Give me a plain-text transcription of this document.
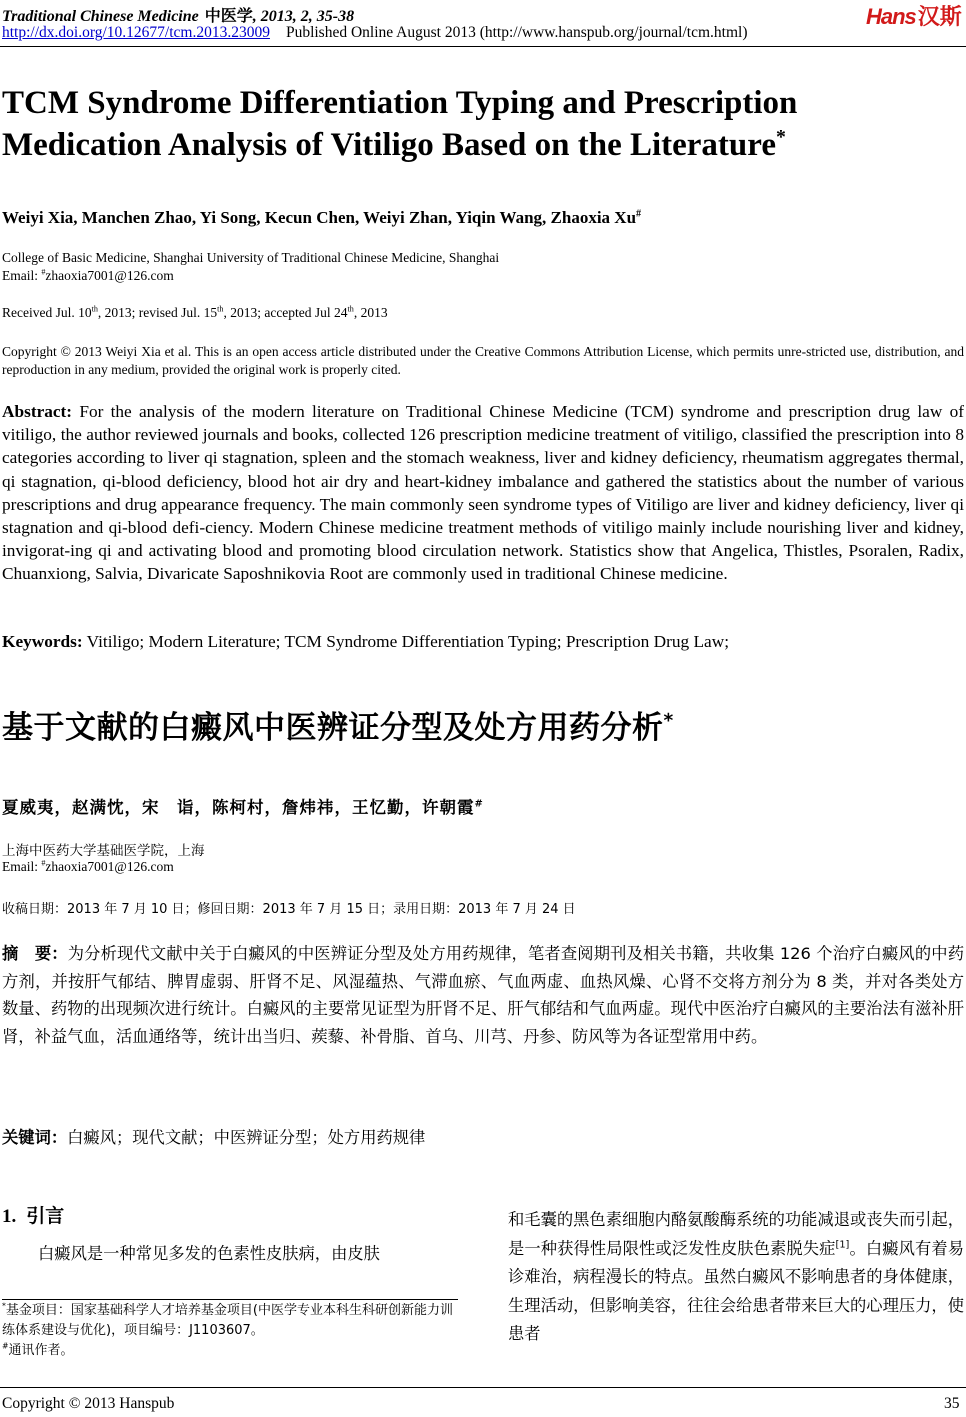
Traditional Chinese Medicine 中医学, 2013, 2, 35-38
http://dx.doi.org/10.12677/tcm.2013.23009 Published Online August 2013 (http://www.hanspub.org/journal/tcm.html)
Hans汉斯
TCM Syndrome Differentiation Typing and Prescription Medication Analysis of Vitiligo Based on the Literature*
Weiyi Xia, Manchen Zhao, Yi Song, Kecun Chen, Weiyi Zhan, Yiqin Wang, Zhaoxia Xu#
College of Basic Medicine, Shanghai University of Traditional Chinese Medicine, Shanghai
Email: #zhaoxia7001@126.com
Received Jul. 10th, 2013; revised Jul. 15th, 2013; accepted Jul 24th, 2013
Copyright © 2013 Weiyi Xia et al. This is an open access article distributed under the Creative Commons Attribution License, which permits unre-stricted use, distribution, and reproduction in any medium, provided the original work is properly cited.
Abstract: For the analysis of the modern literature on Traditional Chinese Medicine (TCM) syndrome and prescription drug law of vitiligo, the author reviewed journals and books, collected 126 prescription medicine treatment of vitiligo, classified the prescription into 8 categories according to liver qi stagnation, spleen and the stomach weakness, liver and kidney deficiency, rheumatism aggregates thermal, qi stagnation, qi-blood deficiency, blood hot air dry and heart-kidney imbalance and gathered the statistics about the number of various prescriptions and drug appearance frequency. The main commonly seen syndrome types of Vitiligo are liver and kidney deficiency, liver qi stagnation and qi-blood defi-ciency. Modern Chinese medicine treatment methods of vitiligo mainly include nourishing liver and kidney, invigorat-ing qi and activating blood and promoting blood circulation network. Statistics show that Angelica, Thistles, Psoralen, Radix, Chuanxiong, Salvia, Divaricate Saposhnikovia Root are commonly used in traditional Chinese medicine.
Keywords: Vitiligo; Modern Literature; TCM Syndrome Differentiation Typing; Prescription Drug Law;
基于文献的白癜风中医辨证分型及处方用药分析*
夏威夷，赵满忱，宋　诣，陈柯村，詹炜祎，王忆勤，许朝霞#
上海中医药大学基础医学院，上海
Email: #zhaoxia7001@126.com
收稿日期：2013 年 7 月 10 日；修回日期：2013 年 7 月 15 日；录用日期：2013 年 7 月 24 日
摘　要：为分析现代文献中关于白癜风的中医辨证分型及处方用药规律，笔者查阅期刊及相关书籍，共收集 126 个治疗白癜风的中药方剂，并按肝气郁结、脾胃虚弱、肝肾不足、风湿蕴热、气滞血瘀、气血两虚、血热风燥、心肾不交将方剂分为 8 类，并对各类处方数量、药物的出现频次进行统计。白癜风的主要常见证型为肝肾不足、肝气郁结和气血两虚。现代中医治疗白癜风的主要治法有滋补肝肾，补益气血，活血通络等，统计出当归、蒺藜、补骨脂、首乌、川芎、丹参、防风等为各证型常用中药。
关键词：白癜风；现代文献；中医辨证分型；处方用药规律
1. 引言
白癜风是一种常见多发的色素性皮肤病，由皮肤
*基金项目：国家基础科学人才培养基金项目(中医学专业本科生科研创新能力训练体系建设与优化)，项目编号：J1103607。
#通讯作者。
和毛囊的黑色素细胞内酪氨酸酶系统的功能减退或丧失而引起，是一种获得性局限性或泛发性皮肤色素脱失症[1]。白癜风有着易诊难治，病程漫长的特点。虽然白癜风不影响患者的身体健康，生理活动，但影响美容，往往会给患者带来巨大的心理压力，使患者
Copyright © 2013 Hanspub	35
